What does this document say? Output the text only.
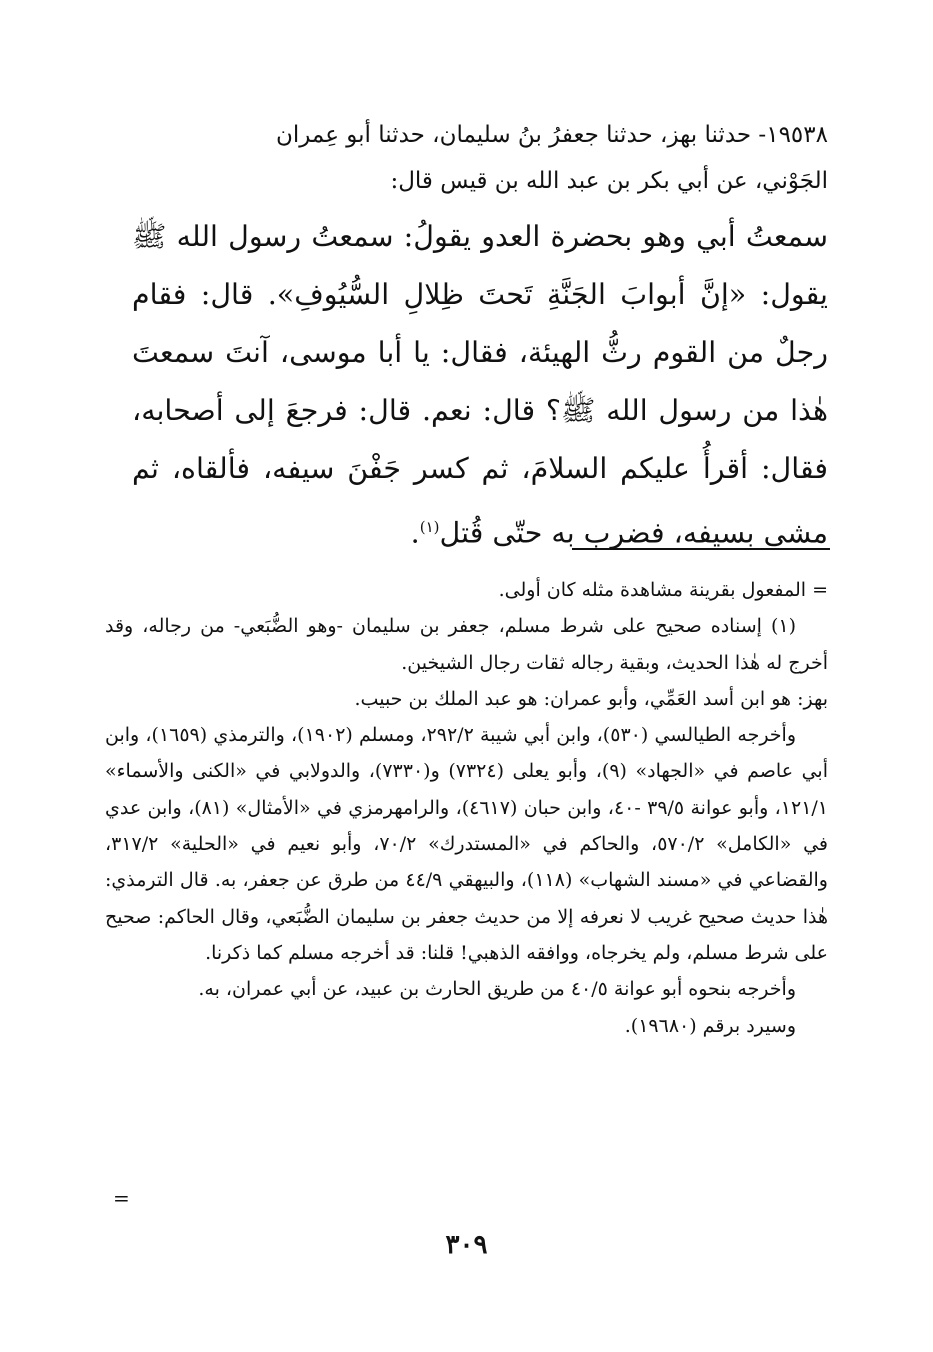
١٩٥٣٨- حدثنا بهز، حدثنا جعفرُ بنُ سليمان، حدثنا أبو عِمران
الجَوْني، عن أبي بكر بن عبد الله بن قيس قال:
سمعتُ أبي وهو بحضرة العدو يقولُ: سمعتُ رسول الله ﷺ يقول: «إنَّ أبوابَ الجَنَّةِ تَحتَ ظِلالِ السُّيُوفِ». قال: فقام رجلٌ من القوم رثُّ الهيئة، فقال: يا أبا موسى، آنتَ سمعتَ هٰذا من رسول الله ﷺ؟ قال: نعم. قال: فرجعَ إلى أصحابه، فقال: أقرأُ عليكم السلامَ، ثم كسر جَفْنَ سيفه، فألقاه، ثم مشى بسيفه، فضرب به حتّى قُتل$^{(١)}$.

= المفعول بقرينة مشاهدة مثله كان أولى.

(١) إسناده صحيح على شرط مسلم، جعفر بن سليمان -وهو الضُّبَعي- من رجاله، وقد أخرج له هٰذا الحديث، وبقية رجاله ثقات رجال الشيخين.

بهز: هو ابن أسد العَمِّي، وأبو عمران: هو عبد الملك بن حبيب.

وأخرجه الطيالسي (٥٣٠)، وابن أبي شيبة ٢٩٢/٢، ومسلم (١٩٠٢)، والترمذي (١٦٥٩)، وابن أبي عاصم في «الجهاد» (٩)، وأبو يعلى (٧٣٢٤) و(٧٣٣٠)، والدولابي في «الكنى والأسماء» ١٢١/١، وأبو عوانة ٣٩/٥ -٤٠، وابن حبان (٤٦١٧)، والرامهرمزي في «الأمثال» (٨١)، وابن عدي في «الكامل» ٥٧٠/٢، والحاكم في «المستدرك» ٧٠/٢، وأبو نعيم في «الحلية» ٣١٧/٢، والقضاعي في «مسند الشهاب» (١١٨)، والبيهقي ٤٤/٩ من طرق عن جعفر، به. قال الترمذي: هٰذا حديث صحيح غريب لا نعرفه إلا من حديث جعفر بن سليمان الضُّبَعي، وقال الحاكم: صحيح على شرط مسلم، ولم يخرجاه، ووافقه الذهبي! قلنا: قد أخرجه مسلم كما ذكرنا.

وأخرجه بنحوه أبو عوانة ٤٠/٥ من طريق الحارث بن عبيد، عن أبي عمران، به.

وسيرد برقم (١٩٦٨٠).

=
٣٠٩
